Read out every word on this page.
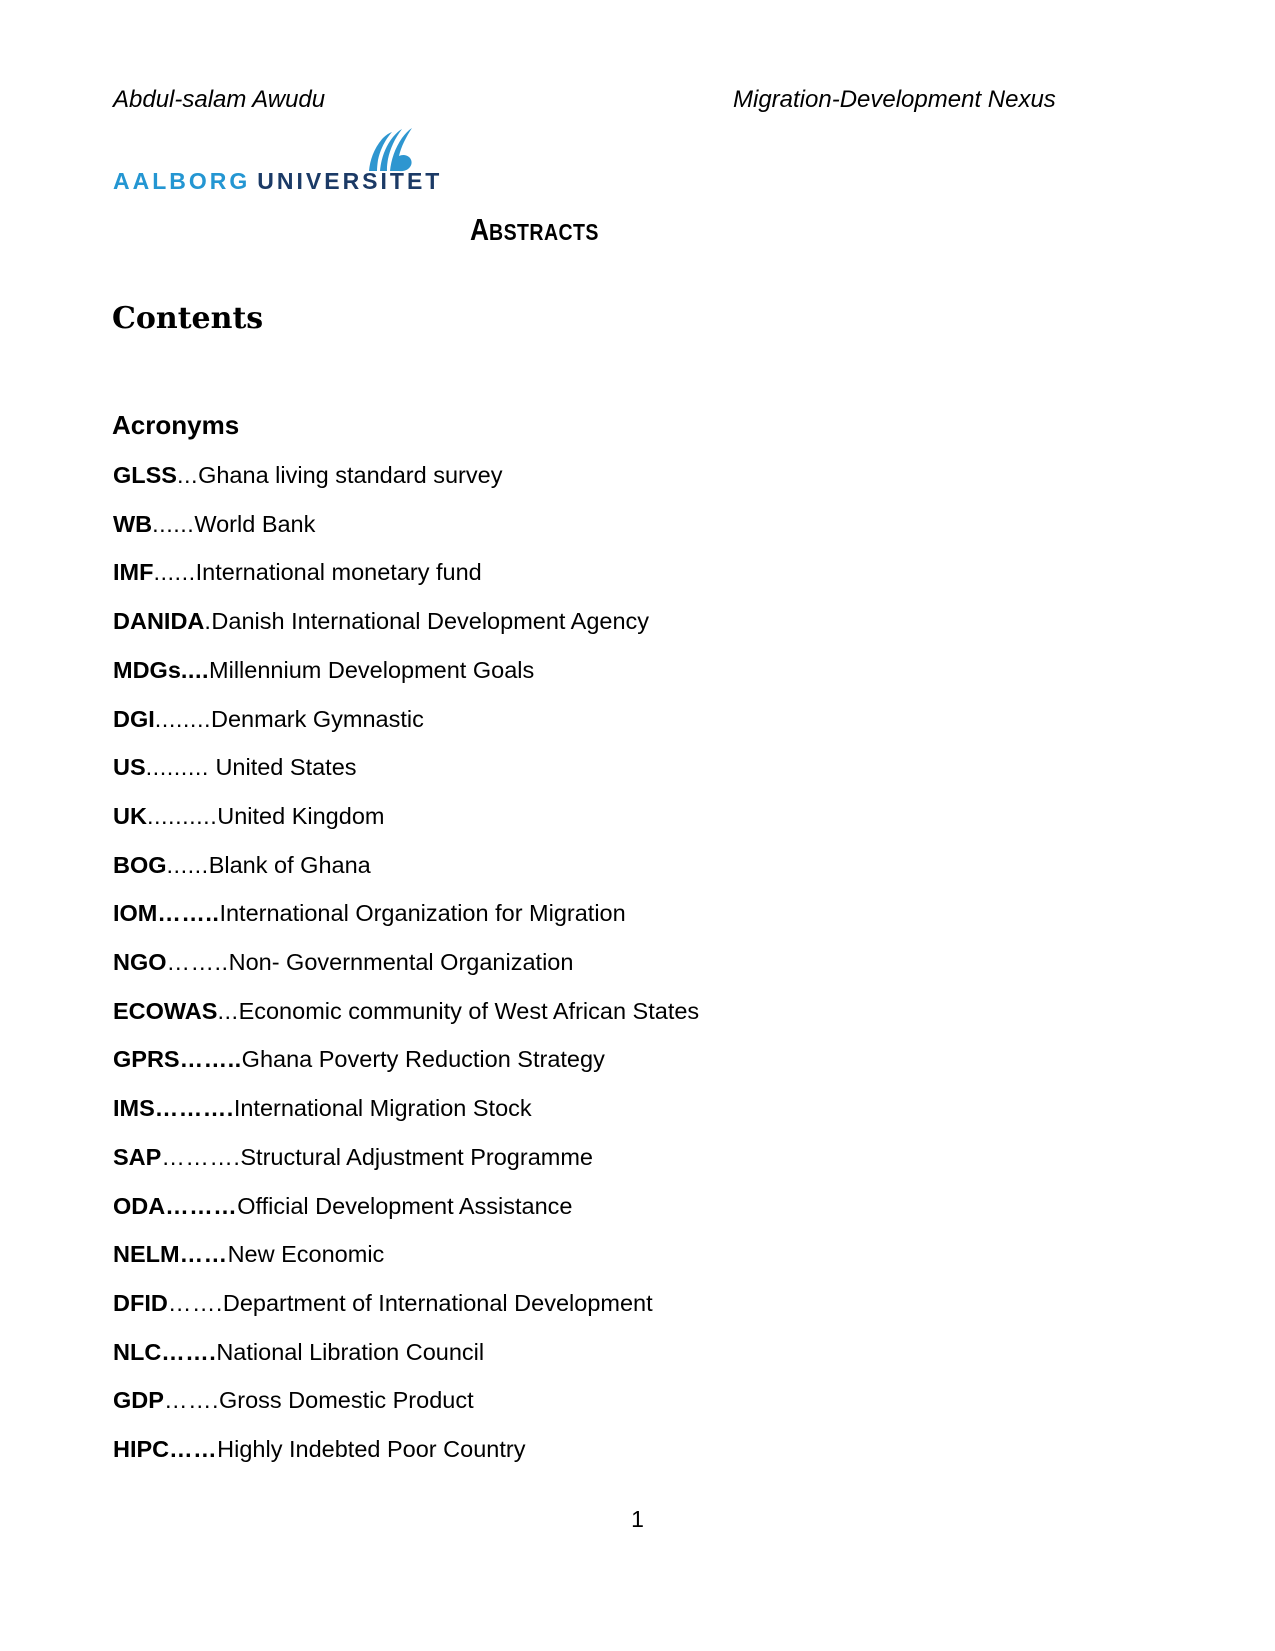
Abdul-salam Awudu	Migration-Development Nexus
AALBORG UNIVERSITET
ABSTRACTS
Contents
Acronyms
GLSS...Ghana living standard survey
WB......World Bank
IMF......International monetary fund
DANIDA.Danish International Development Agency
MDGs....Millennium Development Goals
DGI........Denmark Gymnastic
US......... United States
UK..........United Kingdom
BOG......Blank of Ghana
IOM……..International Organization for Migration
NGO……..Non- Governmental Organization
ECOWAS...Economic community of West African States
GPRS……..Ghana Poverty Reduction Strategy
IMS……….International Migration Stock
SAP……….Structural Adjustment Programme
ODA………Official Development Assistance
NELM……New Economic
DFID…….Department of International Development
NLC…….National Libration Council
GDP…….Gross Domestic Product
HIPC……Highly Indebted Poor Country
1
